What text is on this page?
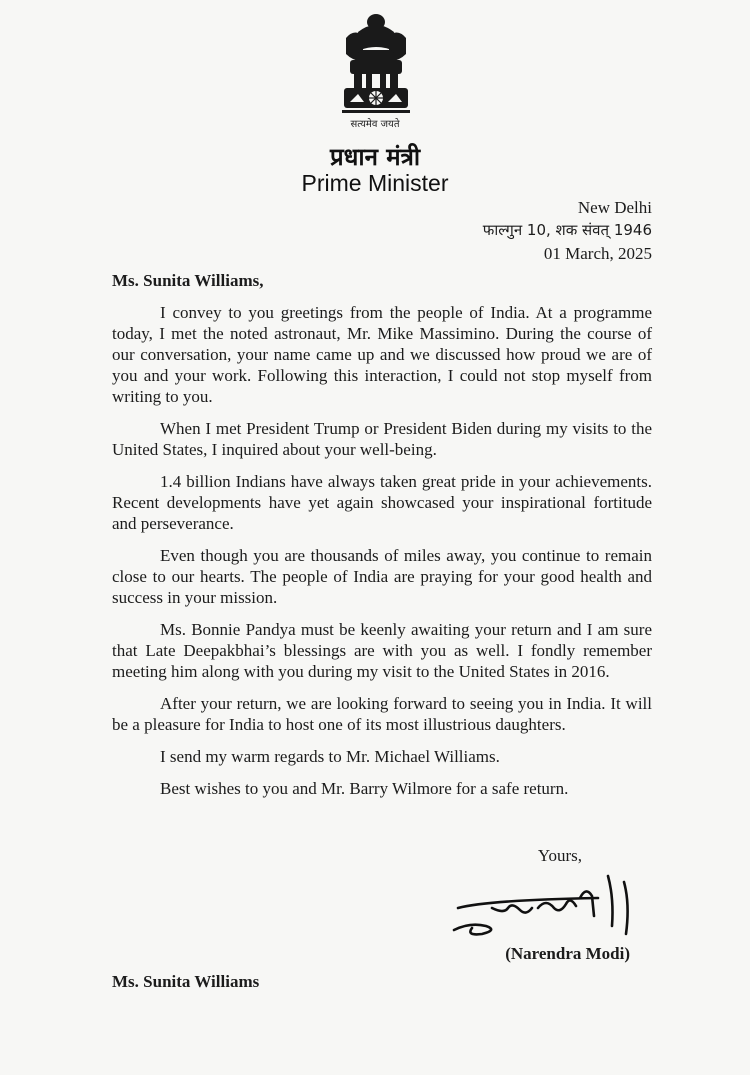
सत्यमेव जयते
प्रधान मंत्री
Prime Minister
New Delhi
फाल्गुन 10, शक संवत् 1946
01 March, 2025
Ms. Sunita Williams,

I convey to you greetings from the people of India. At a programme today, I met the noted astronaut, Mr. Mike Massimino. During the course of our conversation, your name came up and we discussed how proud we are of you and your work. Following this interaction, I could not stop myself from writing to you.

When I met President Trump or President Biden during my visits to the United States, I inquired about your well-being.

1.4 billion Indians have always taken great pride in your achievements. Recent developments have yet again showcased your inspirational fortitude and perseverance.

Even though you are thousands of miles away, you continue to remain close to our hearts. The people of India are praying for your good health and success in your mission.

Ms. Bonnie Pandya must be keenly awaiting your return and I am sure that Late Deepakbhai’s blessings are with you as well. I fondly remember meeting him along with you during my visit to the United States in 2016.

After your return, we are looking forward to seeing you in India. It will be a pleasure for India to host one of its most illustrious daughters.

I send my warm regards to Mr. Michael Williams.

Best wishes to you and Mr. Barry Wilmore for a safe return.

Yours,
(Narendra Modi)
Ms. Sunita Williams
